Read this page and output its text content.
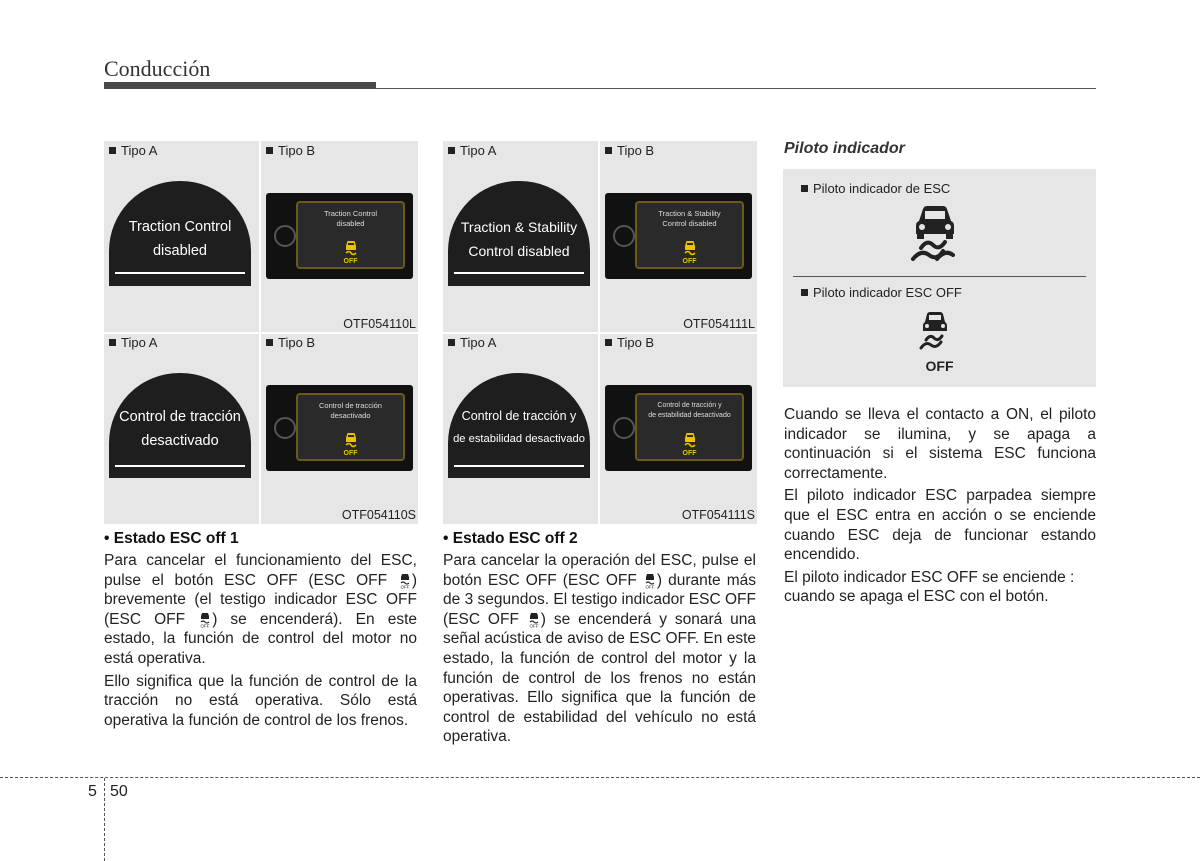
Conducción
Tipo A	Tipo B
Traction Control
disabled
Traction Control
disabled
OFF
OTF054110L
Tipo A	Tipo B
Control de tracción
desactivado
Control de tracción
desactivado
OFF
OTF054110S
Tipo A	Tipo B
Traction & Stability
Control disabled
Traction & Stability
Control disabled
OFF
OTF054111L
Tipo A	Tipo B
Control de tracción y
de estabilidad desactivado
Control de tracción y
de estabilidad desactivado
OFF
OTF054111S
• Estado ESC off 1

Para cancelar el funcionamiento del ESC, pulse el botón ESC OFF (ESC OFF OFF ) brevemente (el testigo indicador ESC OFF (ESC OFF OFF ) se encenderá). En este estado, la función de control del motor no está operativa.

Ello significa que la función de control de la tracción no está operativa. Sólo está operativa la función de control de los frenos.

• Estado ESC off 2

Para cancelar la operación del ESC, pulse el botón ESC OFF (ESC OFF OFF ) durante más de 3 segundos. El testigo indicador ESC OFF (ESC OFF OFF ) se encenderá y sonará una señal acústica de aviso de ESC OFF. En este estado, la función de control del motor y la función de control de los frenos no están operativas. Ello significa que la función de control de estabilidad del vehículo no está operativa.

Piloto indicador
Piloto indicador de ESC
Piloto indicador ESC OFF
OFF

Cuando se lleva el contacto a ON, el piloto indicador se ilumina, y se apaga a continuación si el sistema ESC funciona correctamente.

El piloto indicador ESC parpadea siempre que el ESC entra en acción o se enciende cuando ESC deja de funcionar estando encendido.

El piloto indicador ESC OFF se enciende : cuando se apaga el ESC con el botón.

5 50
